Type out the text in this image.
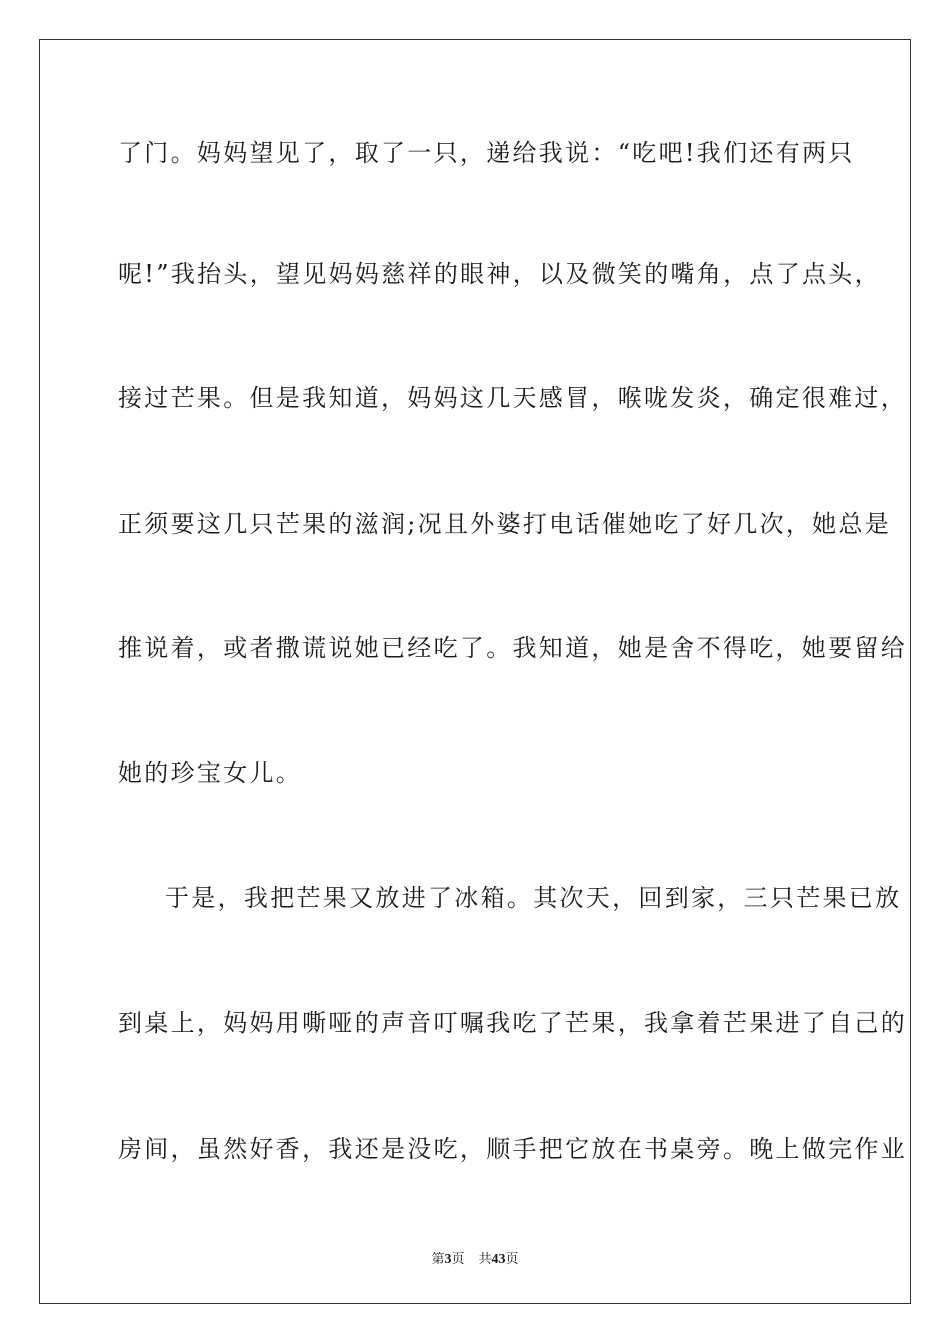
了门。妈妈望见了，取了一只，递给我说：“吃吧!我们还有两只

呢!”我抬头，望见妈妈慈祥的眼神，以及微笑的嘴角，点了点头，

接过芒果。但是我知道，妈妈这几天感冒，喉咙发炎，确定很难过，

正须要这几只芒果的滋润;况且外婆打电话催她吃了好几次，她总是

推说着，或者撒谎说她已经吃了。我知道，她是舍不得吃，她要留给

她的珍宝女儿。

于是，我把芒果又放进了冰箱。其次天，回到家，三只芒果已放

到桌上，妈妈用嘶哑的声音叮嘱我吃了芒果，我拿着芒果进了自己的

房间，虽然好香，我还是没吃，顺手把它放在书桌旁。晚上做完作业

第3页 共43页
